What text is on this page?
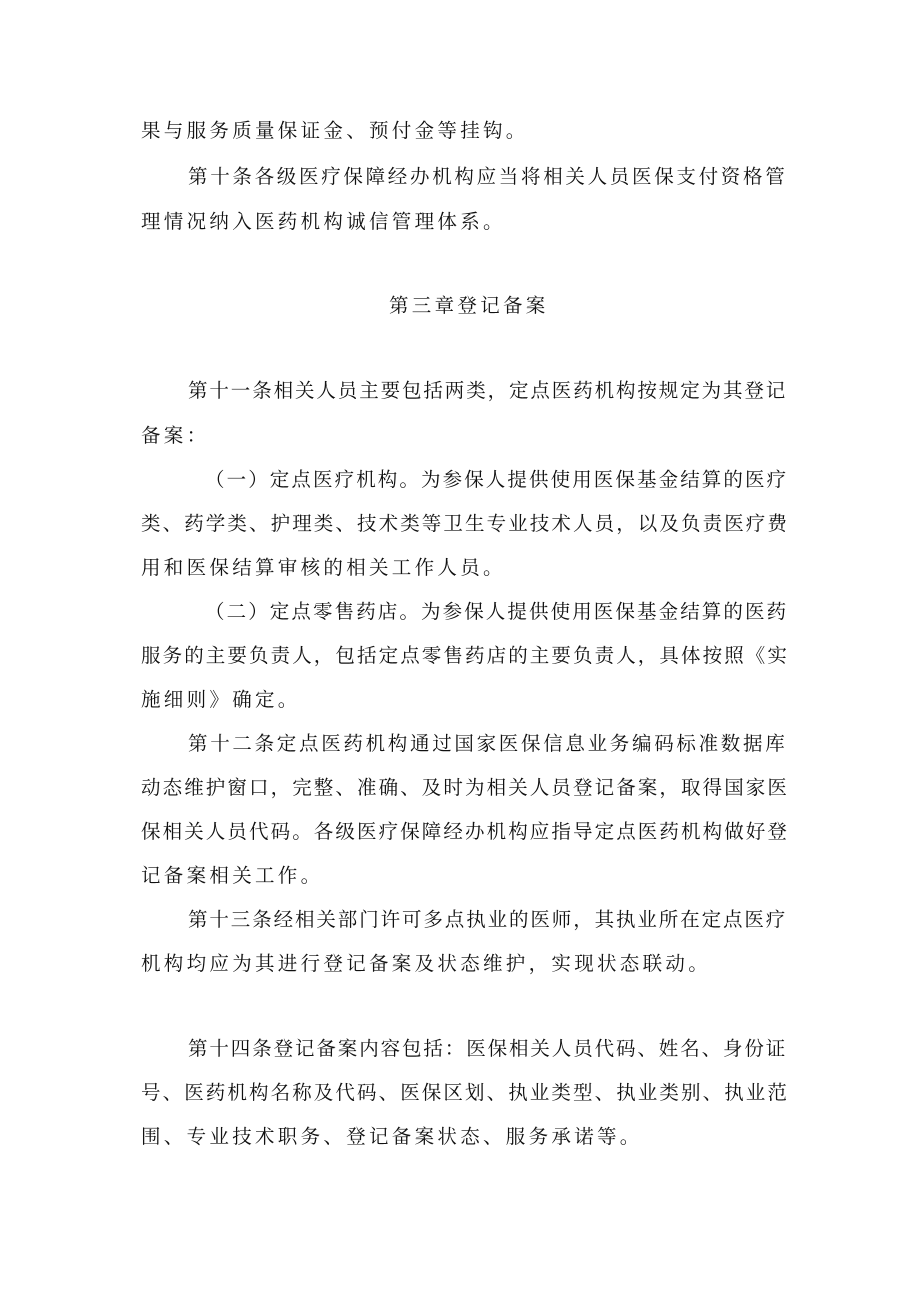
果与服务质量保证金、预付金等挂钩。
第十条各级医疗保障经办机构应当将相关人员医保支付资格管
理情况纳入医药机构诚信管理体系。
第三章登记备案
第十一条相关人员主要包括两类，定点医药机构按规定为其登记
备案：
（一）定点医疗机构。为参保人提供使用医保基金结算的医疗
类、药学类、护理类、技术类等卫生专业技术人员，以及负责医疗费
用和医保结算审核的相关工作人员。
（二）定点零售药店。为参保人提供使用医保基金结算的医药
服务的主要负责人，包括定点零售药店的主要负责人，具体按照《实
施细则》确定。
第十二条定点医药机构通过国家医保信息业务编码标准数据库
动态维护窗口，完整、准确、及时为相关人员登记备案，取得国家医
保相关人员代码。各级医疗保障经办机构应指导定点医药机构做好登
记备案相关工作。
第十三条经相关部门许可多点执业的医师，其执业所在定点医疗
机构均应为其进行登记备案及状态维护，实现状态联动。
第十四条登记备案内容包括：医保相关人员代码、姓名、身份证
号、医药机构名称及代码、医保区划、执业类型、执业类别、执业范
围、专业技术职务、登记备案状态、服务承诺等。
